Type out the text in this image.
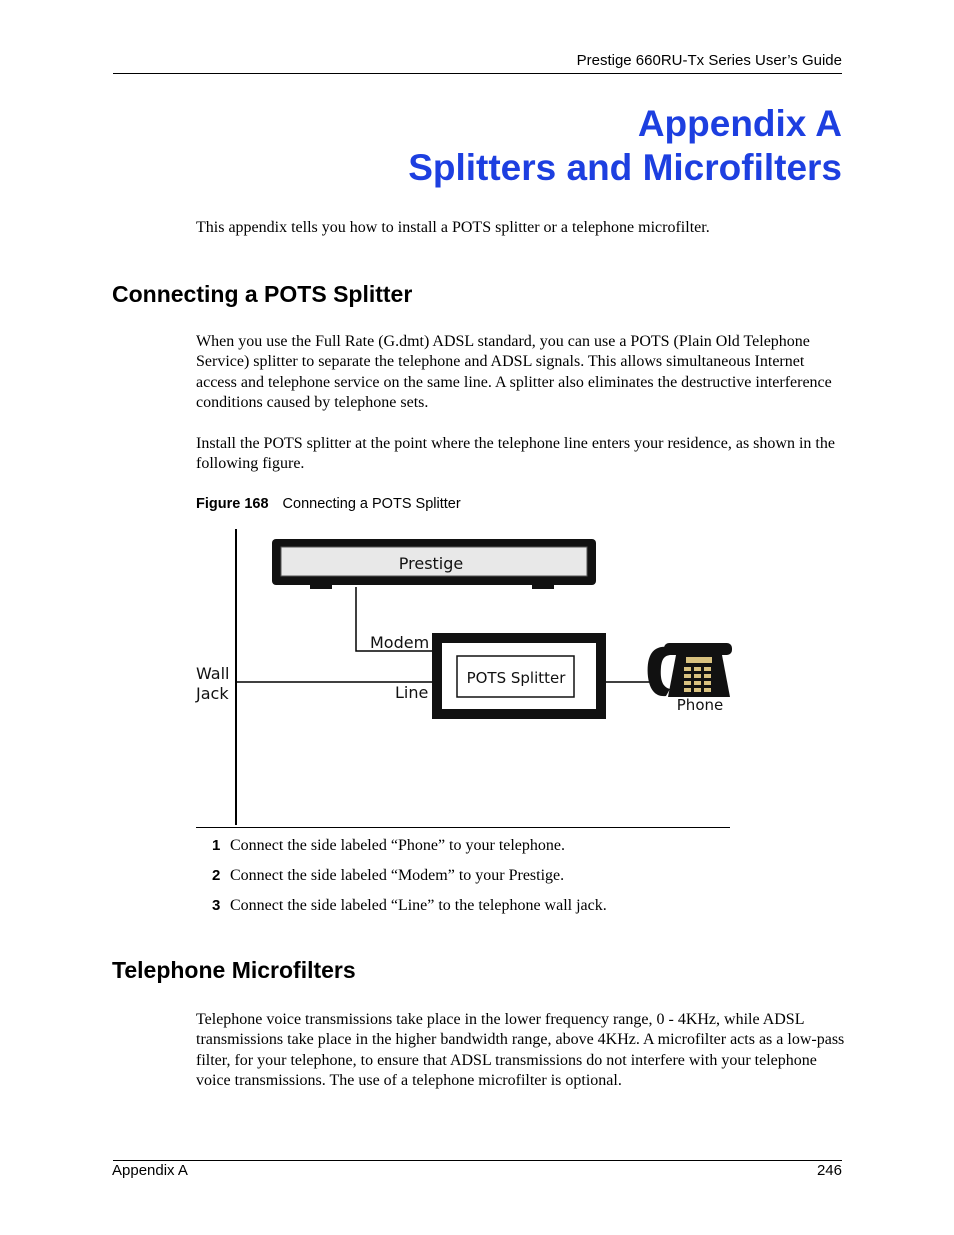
Prestige 660RU-Tx Series User’s Guide
Appendix A
Splitters and Microfilters
This appendix tells you how to install a POTS splitter or a telephone microfilter.
Connecting a POTS Splitter
When you use the Full Rate (G.dmt) ADSL standard, you can use a POTS (Plain Old Telephone Service) splitter to separate the telephone and ADSL signals. This allows simultaneous Internet access and telephone service on the same line. A splitter also eliminates the destructive interference conditions caused by telephone sets.
Install the POTS splitter at the point where the telephone line enters your residence, as shown in the following figure.
Figure 168 Connecting a POTS Splitter
Prestige
Modem
Line
Wall
Jack
POTS Splitter
Phone
1 Connect the side labeled “Phone” to your telephone.
2 Connect the side labeled “Modem” to your Prestige.
3 Connect the side labeled “Line” to the telephone wall jack.
Telephone Microfilters
Telephone voice transmissions take place in the lower frequency range, 0 - 4KHz, while ADSL transmissions take place in the higher bandwidth range, above 4KHz. A microfilter acts as a low-pass filter, for your telephone, to ensure that ADSL transmissions do not interfere with your telephone voice transmissions. The use of a telephone microfilter is optional.
Appendix A	246
